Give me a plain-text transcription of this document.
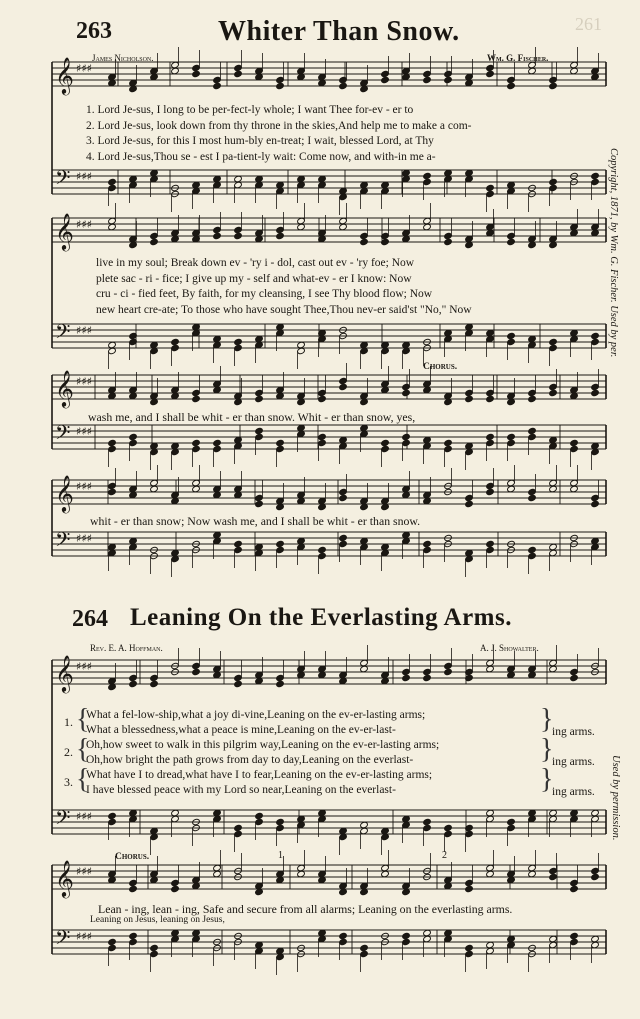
𝄞 ♯♯♯
𝄢 ♯♯♯
𝄞 ♯♯♯
𝄢 ♯♯♯
𝄞 ♯♯♯
𝄢 ♯♯♯
𝄞 ♯♯♯
𝄢 ♯♯♯
𝄞 ♯♯♯
𝄢 ♯♯♯
𝄞 ♯♯♯
𝄢 ♯♯♯
263	Whiter Than Snow.	261
James Nicholson.	Wm. G. Fischer.
1. Lord Je-sus, I long to be per-fect-ly whole; I want Thee for-ev - er to
2. Lord Je-sus, look down from thy throne in the skies,And help me to make a com-
3. Lord Je-sus, for this I most hum-bly en-treat; I wait, blessed Lord, at Thy
4. Lord Je-sus,Thou se - est I pa-tient-ly wait: Come now, and with-in me a-
live in my soul; Break down ev - 'ry i - dol, cast out ev - 'ry foe; Now
plete sac - ri - fice; I give up my - self and what-ev - er I know: Now
cru - ci - fied feet, By faith, for my cleansing, I see Thy blood flow; Now
new heart cre-ate; To those who have sought Thee,Thou nev-er said'st "No," Now
Chorus.
wash me, and I shall be whit - er than snow. Whit - er than snow, yes,
whit - er than snow; Now wash me, and I shall be whit - er than snow.
Copyright, 1871, by Wm. G. Fischer. Used by per.
264 Leaning On the Everlasting Arms.
Rev. E. A. Hoffman.	A. J. Showalter.
1.
2.
3.
{
{
{
What a fel-low-ship,what a joy di-vine,Leaning on the ev-er-lasting arms;
What a blessedness,what a peace is mine,Leaning on the ev-er-last-
Oh,how sweet to walk in this pilgrim way,Leaning on the ev-er-lasting arms;
Oh,how bright the path grows from day to day,Leaning on the everlast-
What have I to dread,what have I to fear,Leaning on the ev-er-lasting arms;
I have blessed peace with my Lord so near,Leaning on the everlast-
}
}
}
ing arms.
ing arms.
ing arms.
Chorus.	1	2
Lean - ing, lean - ing, Safe and secure from all alarms; Leaning on the everlasting arms.
Leaning on Jesus, leaning on Jesus,
Used by permission.
